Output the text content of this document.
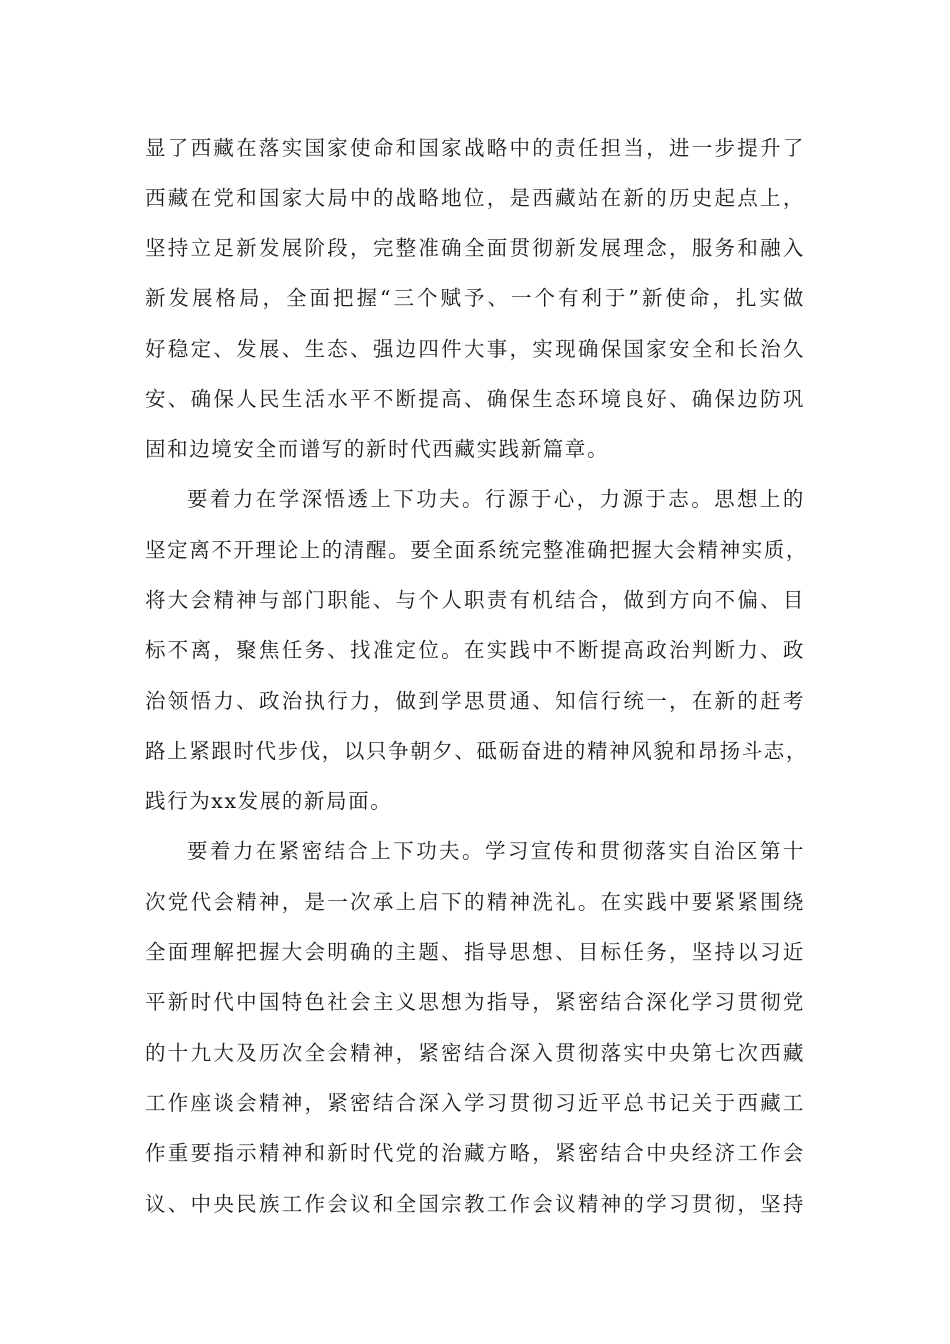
显了西藏在落实国家使命和国家战略中的责任担当，进一步提升了
西藏在党和国家大局中的战略地位，是西藏站在新的历史起点上，
坚持立足新发展阶段，完整准确全面贯彻新发展理念，服务和融入
新发展格局，全面把握“三个赋予、一个有利于”新使命，扎实做
好稳定、发展、生态、强边四件大事，实现确保国家安全和长治久
安、确保人民生活水平不断提高、确保生态环境良好、确保边防巩
固和边境安全而谱写的新时代西藏实践新篇章。
要着力在学深悟透上下功夫。行源于心，力源于志。思想上的
坚定离不开理论上的清醒。要全面系统完整准确把握大会精神实质，
将大会精神与部门职能、与个人职责有机结合，做到方向不偏、目
标不离，聚焦任务、找准定位。在实践中不断提高政治判断力、政
治领悟力、政治执行力，做到学思贯通、知信行统一，在新的赶考
路上紧跟时代步伐，以只争朝夕、砥砺奋进的精神风貌和昂扬斗志，
践行为xx发展的新局面。
要着力在紧密结合上下功夫。学习宣传和贯彻落实自治区第十
次党代会精神，是一次承上启下的精神洗礼。在实践中要紧紧围绕
全面理解把握大会明确的主题、指导思想、目标任务，坚持以习近
平新时代中国特色社会主义思想为指导，紧密结合深化学习贯彻党
的十九大及历次全会精神，紧密结合深入贯彻落实中央第七次西藏
工作座谈会精神，紧密结合深入学习贯彻习近平总书记关于西藏工
作重要指示精神和新时代党的治藏方略，紧密结合中央经济工作会
议、中央民族工作会议和全国宗教工作会议精神的学习贯彻，坚持
